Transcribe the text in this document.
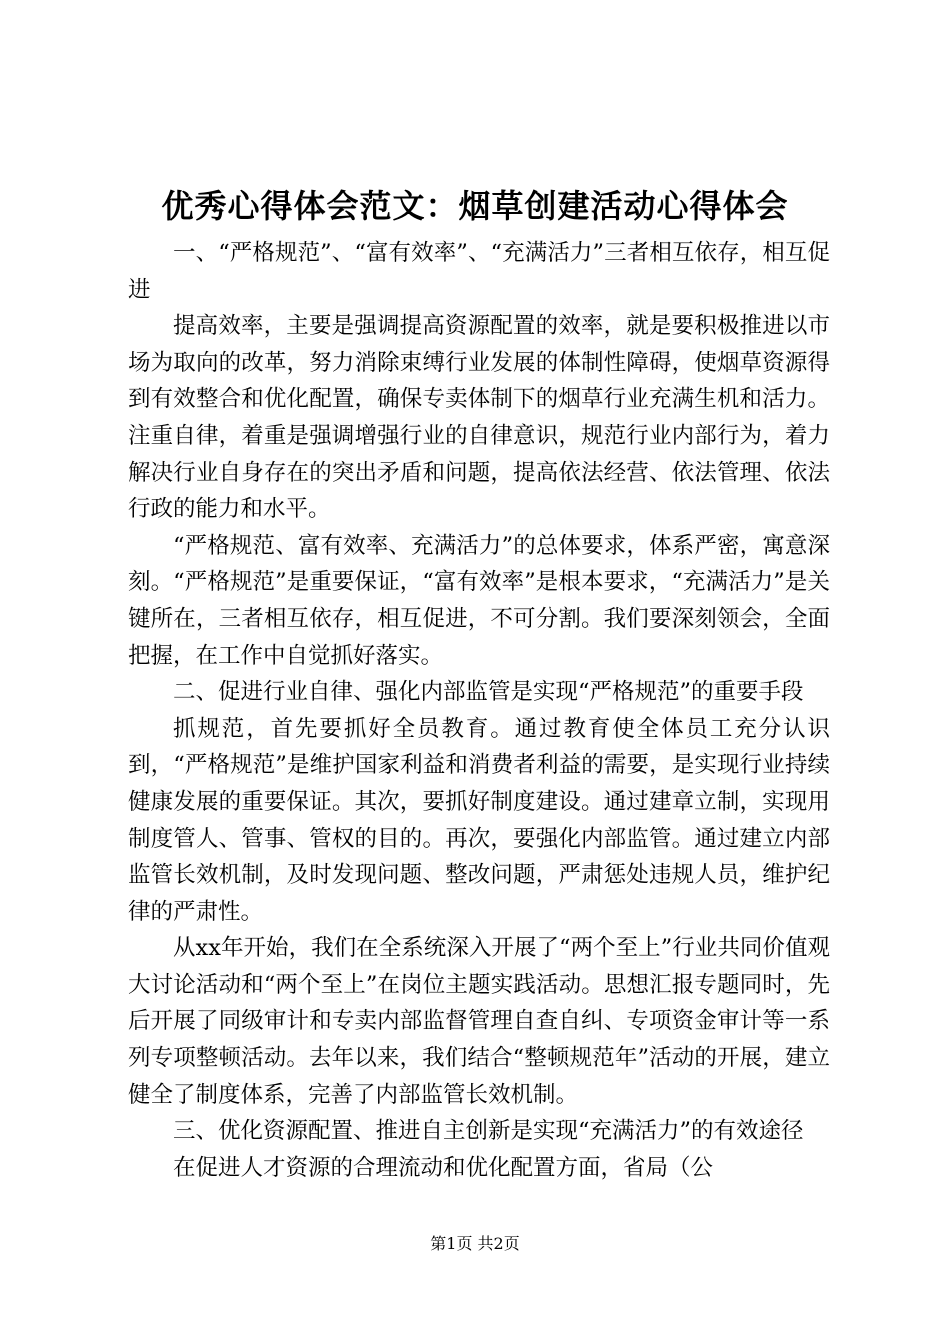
优秀心得体会范文：烟草创建活动心得体会

一、“严格规范”、“富有效率”、“充满活力”三者相互依存，相互促进

提高效率，主要是强调提高资源配置的效率，就是要积极推进以市场为取向的改革，努力消除束缚行业发展的体制性障碍，使烟草资源得到有效整合和优化配置，确保专卖体制下的烟草行业充满生机和活力。注重自律，着重是强调增强行业的自律意识，规范行业内部行为，着力解决行业自身存在的突出矛盾和问题，提高依法经营、依法管理、依法行政的能力和水平。

“严格规范、富有效率、充满活力”的总体要求，体系严密，寓意深刻。“严格规范”是重要保证，“富有效率”是根本要求，“充满活力”是关键所在，三者相互依存，相互促进，不可分割。我们要深刻领会，全面把握，在工作中自觉抓好落实。

二、促进行业自律、强化内部监管是实现“严格规范”的重要手段

抓规范，首先要抓好全员教育。通过教育使全体员工充分认识到，“严格规范”是维护国家利益和消费者利益的需要，是实现行业持续健康发展的重要保证。其次，要抓好制度建设。通过建章立制，实现用制度管人、管事、管权的目的。再次，要强化内部监管。通过建立内部监管长效机制，及时发现问题、整改问题，严肃惩处违规人员，维护纪律的严肃性。

从xx年开始，我们在全系统深入开展了“两个至上”行业共同价值观大讨论活动和“两个至上”在岗位主题实践活动。思想汇报专题同时，先后开展了同级审计和专卖内部监督管理自查自纠、专项资金审计等一系列专项整顿活动。去年以来，我们结合“整顿规范年”活动的开展，建立健全了制度体系，完善了内部监管长效机制。

三、优化资源配置、推进自主创新是实现“充满活力”的有效途径

在促进人才资源的合理流动和优化配置方面，省局（公

第1页 共2页
